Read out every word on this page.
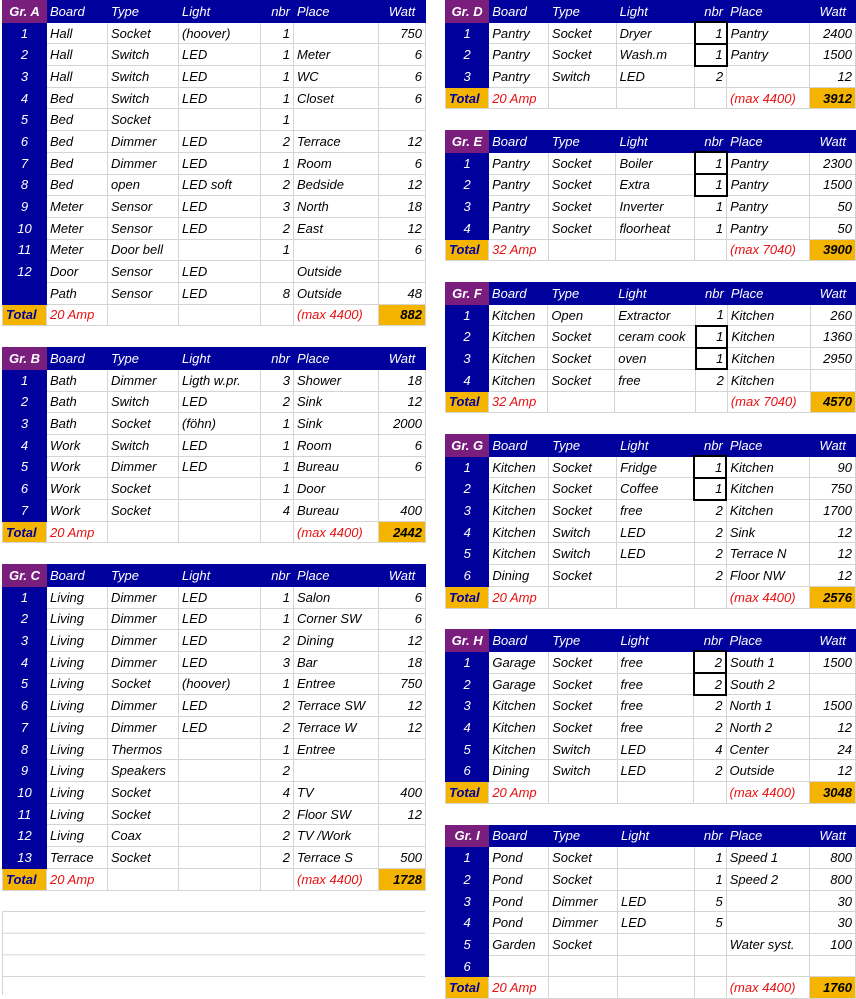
Gr. A	Board	Type	Light	nbr	Place	Watt
1	Hall	Socket	(hoover)	1		750
2	Hall	Switch	LED	1	Meter	6
3	Hall	Switch	LED	1	WC	6
4	Bed	Switch	LED	1	Closet	6
5	Bed	Socket		1		
6	Bed	Dimmer	LED	2	Terrace	12
7	Bed	Dimmer	LED	1	Room	6
8	Bed	open	LED soft	2	Bedside	12
9	Meter	Sensor	LED	3	North	18
10	Meter	Sensor	LED	2	East	12
11	Meter	Door bell		1		6
12	Door	Sensor	LED		Outside	
	Path	Sensor	LED	8	Outside	48
Total	20 Amp				(max 4400)	882
Gr. B	Board	Type	Light	nbr	Place	Watt
1	Bath	Dimmer	Ligth w.pr.	3	Shower	18
2	Bath	Switch	LED	2	Sink	12
3	Bath	Socket	(föhn)	1	Sink	2000
4	Work	Switch	LED	1	Room	6
5	Work	Dimmer	LED	1	Bureau	6
6	Work	Socket		1	Door	
7	Work	Socket		4	Bureau	400
Total	20 Amp				(max 4400)	2442
Gr. C	Board	Type	Light	nbr	Place	Watt
1	Living	Dimmer	LED	1	Salon	6
2	Living	Dimmer	LED	1	Corner SW	6
3	Living	Dimmer	LED	2	Dining	12
4	Living	Dimmer	LED	3	Bar	18
5	Living	Socket	(hoover)	1	Entree	750
6	Living	Dimmer	LED	2	Terrace SW	12
7	Living	Dimmer	LED	2	Terrace W	12
8	Living	Thermos		1	Entree	
9	Living	Speakers		2		
10	Living	Socket		4	TV	400
11	Living	Socket		2	Floor SW	12
12	Living	Coax		2	TV /Work	
13	Terrace	Socket		2	Terrace S	500
Total	20 Amp				(max 4400)	1728
Gr. D	Board	Type	Light	nbr	Place	Watt
1	Pantry	Socket	Dryer	1	Pantry	2400
2	Pantry	Socket	Wash.m	1	Pantry	1500
3	Pantry	Switch	LED	2		12
Total	20 Amp				(max 4400)	3912
Gr. E	Board	Type	Light	nbr	Place	Watt
1	Pantry	Socket	Boiler	1	Pantry	2300
2	Pantry	Socket	Extra	1	Pantry	1500
3	Pantry	Socket	Inverter	1	Pantry	50
4	Pantry	Socket	floorheat	1	Pantry	50
Total	32 Amp				(max 7040)	3900
Gr. F	Board	Type	Light	nbr	Place	Watt
1	Kitchen	Open	Extractor	1	Kitchen	260
2	Kitchen	Socket	ceram cook	1	Kitchen	1360
3	Kitchen	Socket	oven	1	Kitchen	2950
4	Kitchen	Socket	free	2	Kitchen	
Total	32 Amp				(max 7040)	4570
Gr. G	Board	Type	Light	nbr	Place	Watt
1	Kitchen	Socket	Fridge	1	Kitchen	90
2	Kitchen	Socket	Coffee	1	Kitchen	750
3	Kitchen	Socket	free	2	Kitchen	1700
4	Kitchen	Switch	LED	2	Sink	12
5	Kitchen	Switch	LED	2	Terrace N	12
6	Dining	Socket		2	Floor NW	12
Total	20 Amp				(max 4400)	2576
Gr. H	Board	Type	Light	nbr	Place	Watt
1	Garage	Socket	free	2	South 1	1500
2	Garage	Socket	free	2	South 2	
3	Kitchen	Socket	free	2	North 1	1500
4	Kitchen	Socket	free	2	North 2	12
5	Kitchen	Switch	LED	4	Center	24
6	Dining	Switch	LED	2	Outside	12
Total	20 Amp				(max 4400)	3048
Gr. I	Board	Type	Light	nbr	Place	Watt
1	Pond	Socket		1	Speed 1	800
2	Pond	Socket		1	Speed 2	800
3	Pond	Dimmer	LED	5		30
4	Pond	Dimmer	LED	5		30
5	Garden	Socket			Water syst.	100
6						
Total	20 Amp				(max 4400)	1760
